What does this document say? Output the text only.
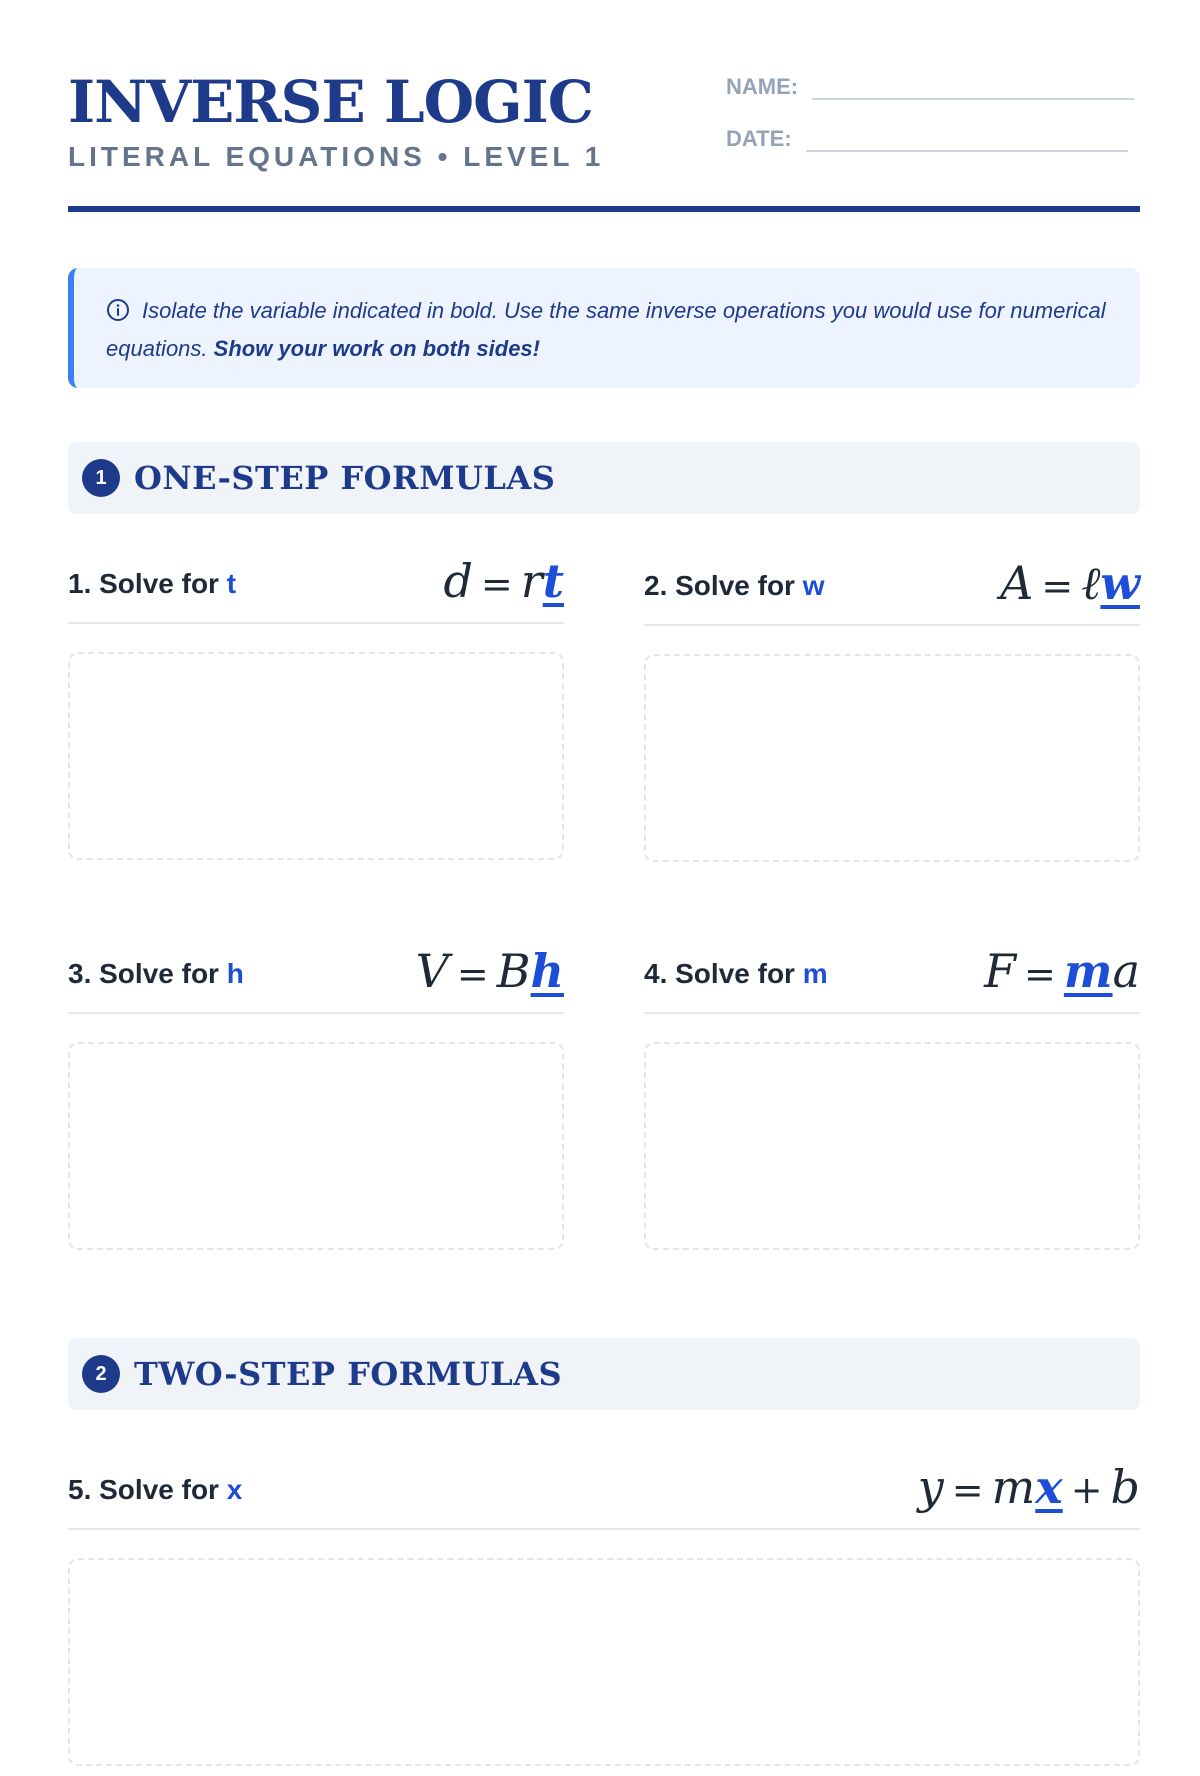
INVERSE LOGIC
LITERAL EQUATIONS • LEVEL 1
NAME:
DATE:
Isolate the variable indicated in bold. Use the same inverse operations you would use for numerical equations. Show your work on both sides!
1 ONE-STEP FORMULAS
1. Solve for t	d = rt	2. Solve for w	A = ℓw
3. Solve for h	V = Bh	4. Solve for m	F = ma
2 TWO-STEP FORMULAS
5. Solve for x	y = mx + b
